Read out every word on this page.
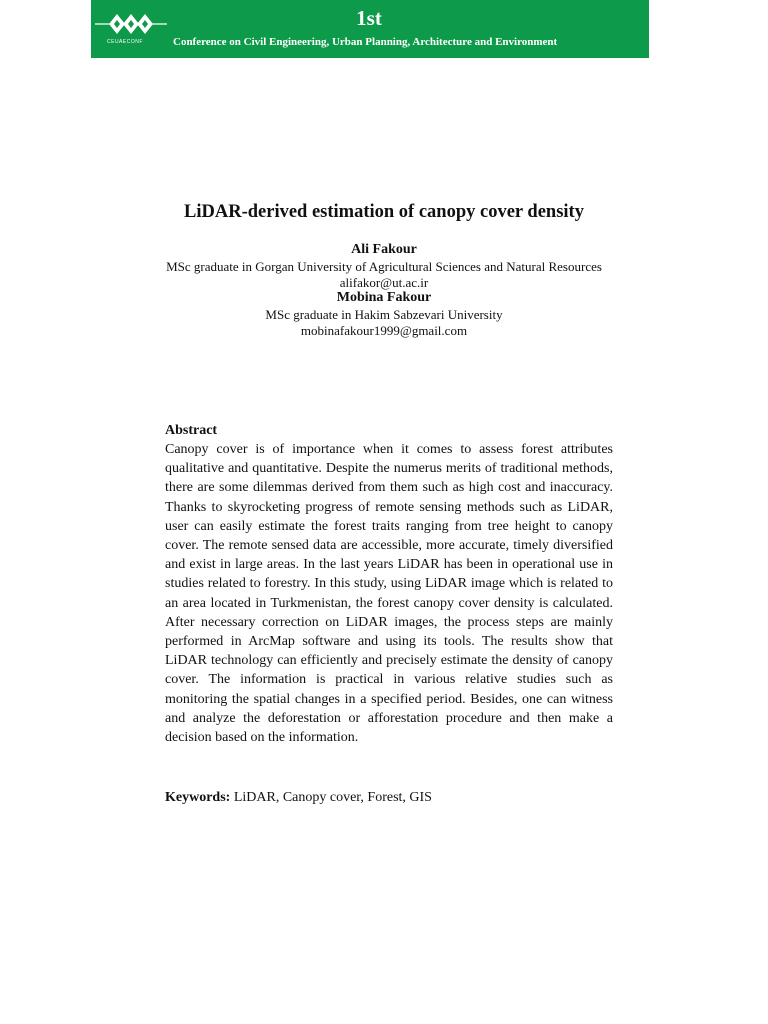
CEUAECONF
1st
Conference on Civil Engineering, Urban Planning, Architecture and Environment
LiDAR-derived estimation of canopy cover density
Ali Fakour
MSc graduate in Gorgan University of Agricultural Sciences and Natural Resources
alifakor@ut.ac.ir
Mobina Fakour
MSc graduate in Hakim Sabzevari University
mobinafakour1999@gmail.com
Abstract

Canopy cover is of importance when it comes to assess forest attributes qualitative and quantitative. Despite the numerus merits of traditional methods, there are some dilemmas derived from them such as high cost and inaccuracy. Thanks to skyrocketing progress of remote sensing methods such as LiDAR, user can easily estimate the forest traits ranging from tree height to canopy cover. The remote sensed data are accessible, more accurate, timely diversified and exist in large areas. In the last years LiDAR has been in operational use in studies related to forestry. In this study, using LiDAR image which is related to an area located in Turkmenistan, the forest canopy cover density is calculated. After necessary correction on LiDAR images, the process steps are mainly performed in ArcMap software and using its tools. The results show that LiDAR technology can efficiently and precisely estimate the density of canopy cover. The information is practical in various relative studies such as monitoring the spatial changes in a specified period. Besides, one can witness and analyze the deforestation or afforestation procedure and then make a decision based on the information.

Keywords: LiDAR, Canopy cover, Forest, GIS
